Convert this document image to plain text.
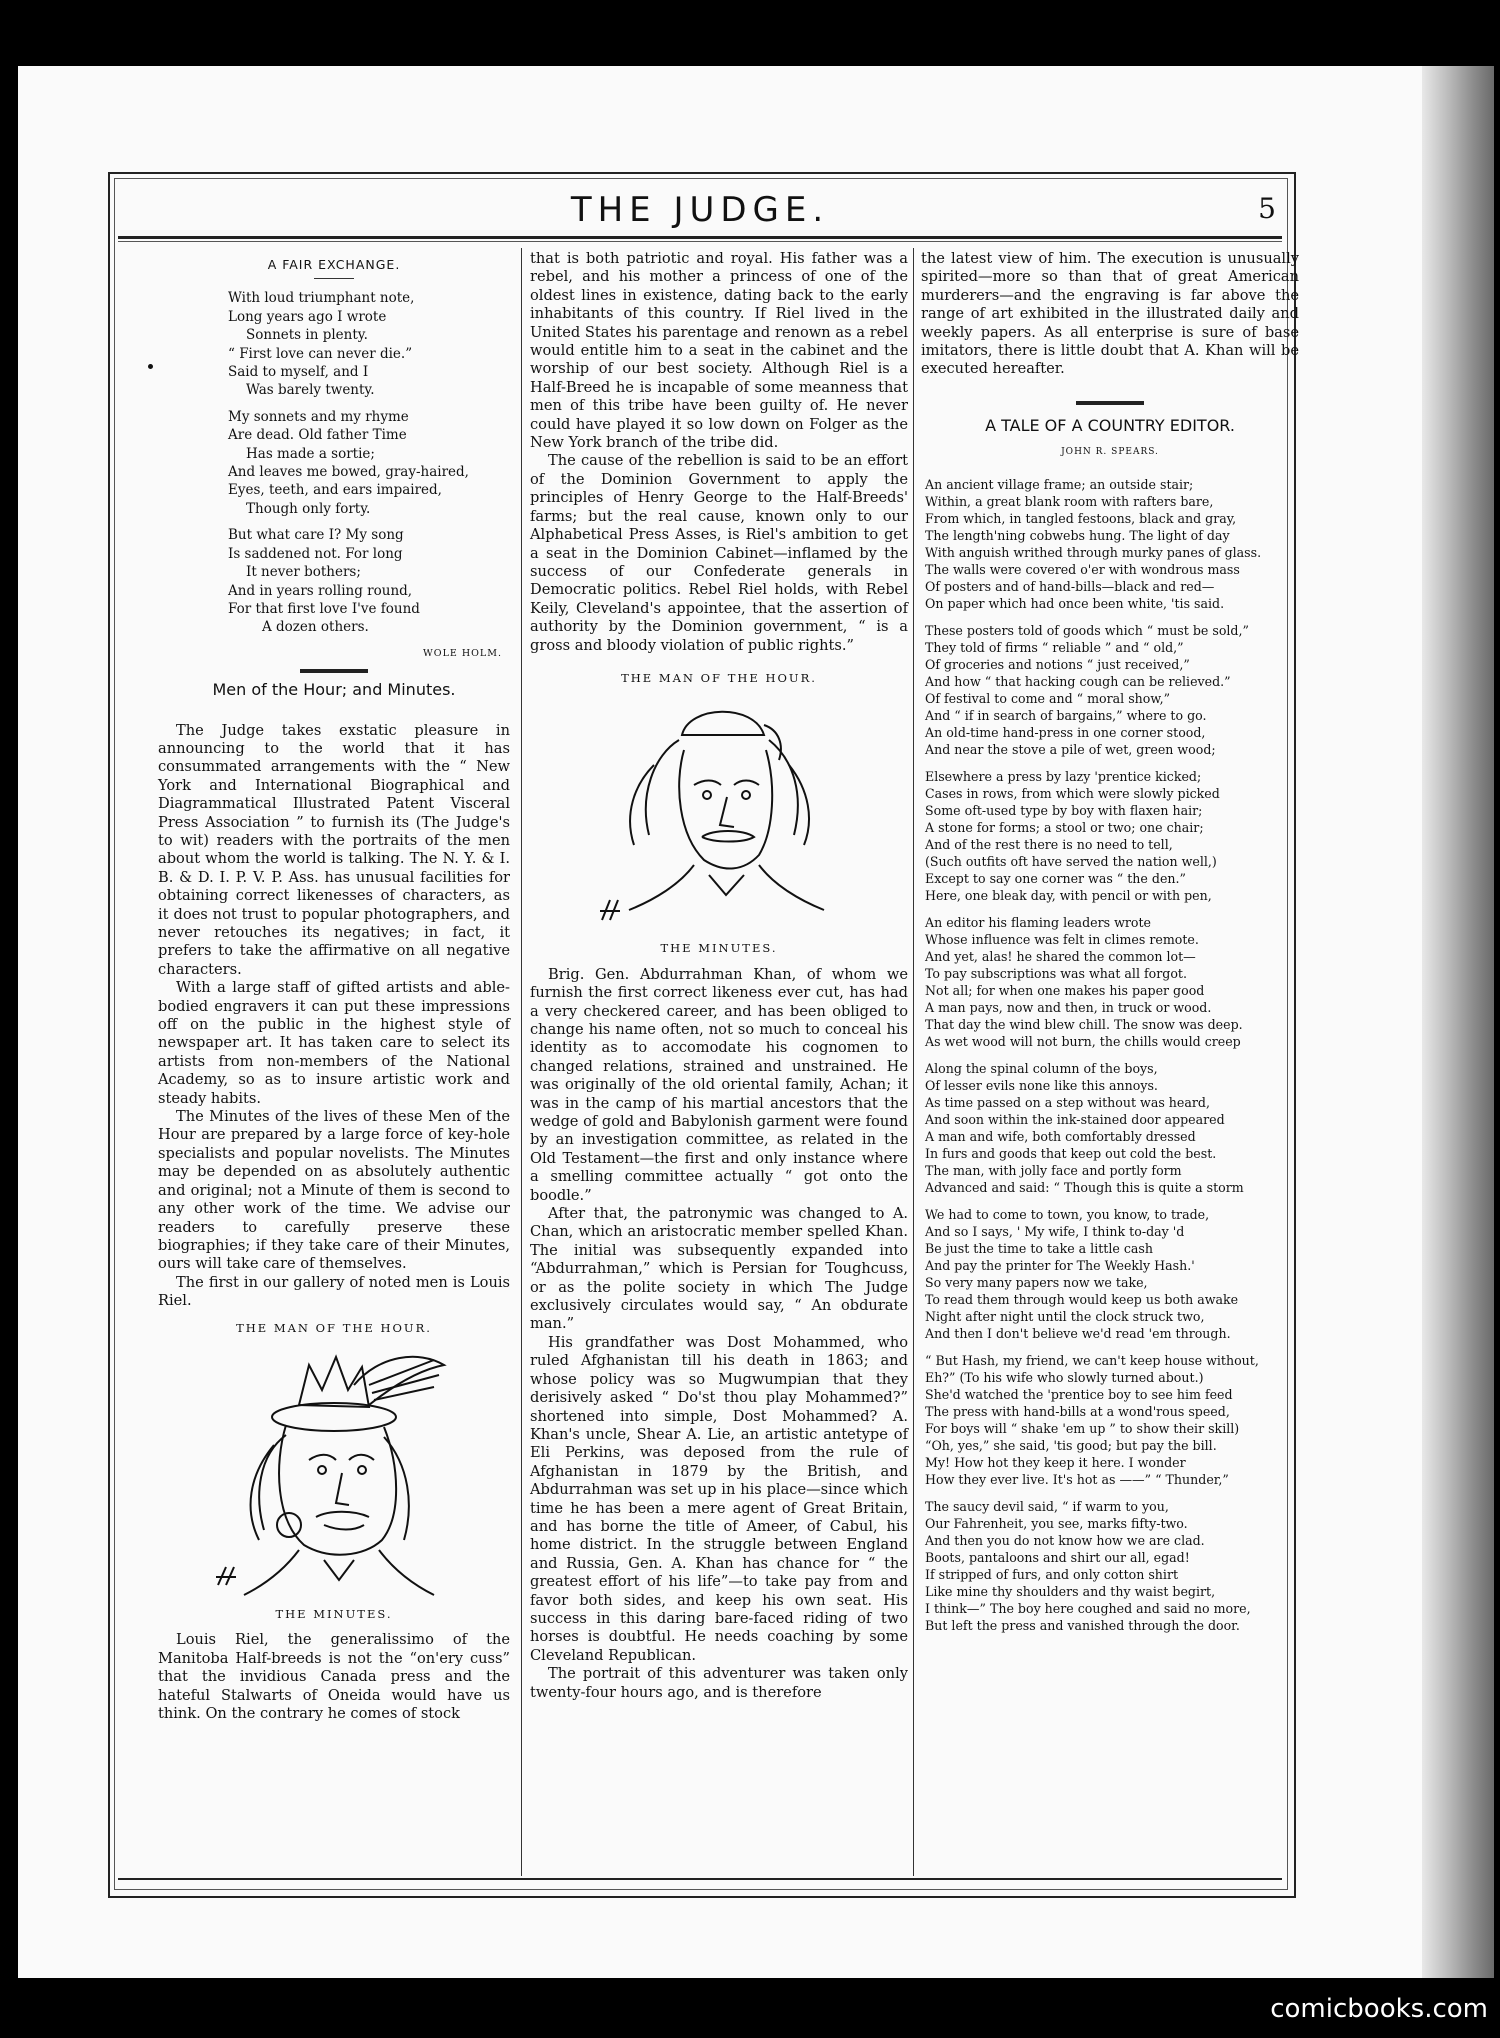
THE JUDGE.	5
A FAIR EXCHANGE.
With loud triumphant note,
Long years ago I wrote
Sonnets in plenty.
“ First love can never die.”
Said to myself, and I
Was barely twenty.
My sonnets and my rhyme
Are dead. Old father Time
Has made a sortie;
And leaves me bowed, gray-haired,
Eyes, teeth, and ears impaired,
Though only forty.
But what care I? My song
Is saddened not. For long
It never bothers;
And in years rolling round,
For that first love I've found
A dozen others.
WOLE HOLM.
Men of the Hour; and Minutes.

The Judge takes exstatic pleasure in announcing to the world that it has consummated arrangements with the “ New York and International Biographical and Diagrammatical Illustrated Patent Visceral Press Association ” to furnish its (The Judge's to wit) readers with the portraits of the men about whom the world is talking. The N. Y. & I. B. & D. I. P. V. P. Ass. has unusual facilities for obtaining correct likenesses of characters, as it does not trust to popular photographers, and never retouches its negatives; in fact, it prefers to take the affirmative on all negative characters.

With a large staff of gifted artists and able-bodied engravers it can put these impressions off on the public in the highest style of newspaper art. It has taken care to select its artists from non-members of the National Academy, so as to insure artistic work and steady habits.

The Minutes of the lives of these Men of the Hour are prepared by a large force of key-hole specialists and popular novelists. The Minutes may be depended on as absolutely authentic and original; not a Minute of them is second to any other work of the time. We advise our readers to carefully preserve these biographies; if they take care of their Minutes, ours will take care of themselves.

The first in our gallery of noted men is Louis Riel.

THE MAN OF THE HOUR.
THE MINUTES.

Louis Riel, the generalissimo of the Manitoba Half-breeds is not the “on'ery cuss” that the invidious Canada press and the hateful Stalwarts of Oneida would have us think. On the contrary he comes of stock

that is both patriotic and royal. His father was a rebel, and his mother a princess of one of the oldest lines in existence, dating back to the early inhabitants of this country. If Riel lived in the United States his parentage and renown as a rebel would entitle him to a seat in the cabinet and the worship of our best society. Although Riel is a Half-Breed he is incapable of some meanness that men of this tribe have been guilty of. He never could have played it so low down on Folger as the New York branch of the tribe did.

The cause of the rebellion is said to be an effort of the Dominion Government to apply the principles of Henry George to the Half-Breeds' farms; but the real cause, known only to our Alphabetical Press Asses, is Riel's ambition to get a seat in the Dominion Cabinet—inflamed by the success of our Confederate generals in Democratic politics. Rebel Riel holds, with Rebel Keily, Cleveland's appointee, that the assertion of authority by the Dominion government, “ is a gross and bloody violation of public rights.”

THE MAN OF THE HOUR.
THE MINUTES.

Brig. Gen. Abdurrahman Khan, of whom we furnish the first correct likeness ever cut, has had a very checkered career, and has been obliged to change his name often, not so much to conceal his identity as to accomodate his cognomen to changed relations, strained and unstrained. He was originally of the old oriental family, Achan; it was in the camp of his martial ancestors that the wedge of gold and Babylonish garment were found by an investigation committee, as related in the Old Testament—the first and only instance where a smelling committee actually “ got onto the boodle.”

After that, the patronymic was changed to A. Chan, which an aristocratic member spelled Khan. The initial was subsequently expanded into “Abdurrahman,” which is Persian for Toughcuss, or as the polite society in which The Judge exclusively circulates would say, “ An obdurate man.”

His grandfather was Dost Mohammed, who ruled Afghanistan till his death in 1863; and whose policy was so Mugwumpian that they derisively asked “ Do'st thou play Mohammed?” shortened into simple, Dost Mohammed? A. Khan's uncle, Shear A. Lie, an artistic antetype of Eli Perkins, was deposed from the rule of Afghanistan in 1879 by the British, and Abdurrahman was set up in his place—since which time he has been a mere agent of Great Britain, and has borne the title of Ameer, of Cabul, his home district. In the struggle between England and Russia, Gen. A. Khan has chance for “ the greatest effort of his life”—to take pay from and favor both sides, and keep his own seat. His success in this daring bare-faced riding of two horses is doubtful. He needs coaching by some Cleveland Republican.

The portrait of this adventurer was taken only twenty-four hours ago, and is therefore

the latest view of him. The execution is unusually spirited—more so than that of great American murderers—and the engraving is far above the range of art exhibited in the illustrated daily and weekly papers. As all enterprise is sure of base imitators, there is little doubt that A. Khan will be executed hereafter.

A TALE OF A COUNTRY EDITOR.
JOHN R. SPEARS.
An ancient village frame; an outside stair;
Within, a great blank room with rafters bare,
From which, in tangled festoons, black and gray,
The length'ning cobwebs hung. The light of day
With anguish writhed through murky panes of glass.
The walls were covered o'er with wondrous mass
Of posters and of hand-bills—black and red—
On paper which had once been white, 'tis said.
These posters told of goods which “ must be sold,”
They told of firms “ reliable ” and “ old,”
Of groceries and notions “ just received,”
And how “ that hacking cough can be relieved.”
Of festival to come and “ moral show,”
And “ if in search of bargains,” where to go.
An old-time hand-press in one corner stood,
And near the stove a pile of wet, green wood;
Elsewhere a press by lazy 'prentice kicked;
Cases in rows, from which were slowly picked
Some oft-used type by boy with flaxen hair;
A stone for forms; a stool or two; one chair;
And of the rest there is no need to tell,
(Such outfits oft have served the nation well,)
Except to say one corner was “ the den.”
Here, one bleak day, with pencil or with pen,
An editor his flaming leaders wrote
Whose influence was felt in climes remote.
And yet, alas! he shared the common lot—
To pay subscriptions was what all forgot.
Not all; for when one makes his paper good
A man pays, now and then, in truck or wood.
That day the wind blew chill. The snow was deep.
As wet wood will not burn, the chills would creep
Along the spinal column of the boys,
Of lesser evils none like this annoys.
As time passed on a step without was heard,
And soon within the ink-stained door appeared
A man and wife, both comfortably dressed
In furs and goods that keep out cold the best.
The man, with jolly face and portly form
Advanced and said: “ Though this is quite a storm
We had to come to town, you know, to trade,
And so I says, ' My wife, I think to-day 'd
Be just the time to take a little cash
And pay the printer for The Weekly Hash.'
So very many papers now we take,
To read them through would keep us both awake
Night after night until the clock struck two,
And then I don't believe we'd read 'em through.
“ But Hash, my friend, we can't keep house without,
Eh?” (To his wife who slowly turned about.)
She'd watched the 'prentice boy to see him feed
The press with hand-bills at a wond'rous speed,
For boys will “ shake 'em up ” to show their skill)
“Oh, yes,” she said, 'tis good; but pay the bill.
My! How hot they keep it here. I wonder
How they ever live. It's hot as ——” “ Thunder,”
The saucy devil said, “ if warm to you,
Our Fahrenheit, you see, marks fifty-two.
And then you do not know how we are clad.
Boots, pantaloons and shirt our all, egad!
If stripped of furs, and only cotton shirt
Like mine thy shoulders and thy waist begirt,
I think—” The boy here coughed and said no more,
But left the press and vanished through the door.
comicbooks.com
